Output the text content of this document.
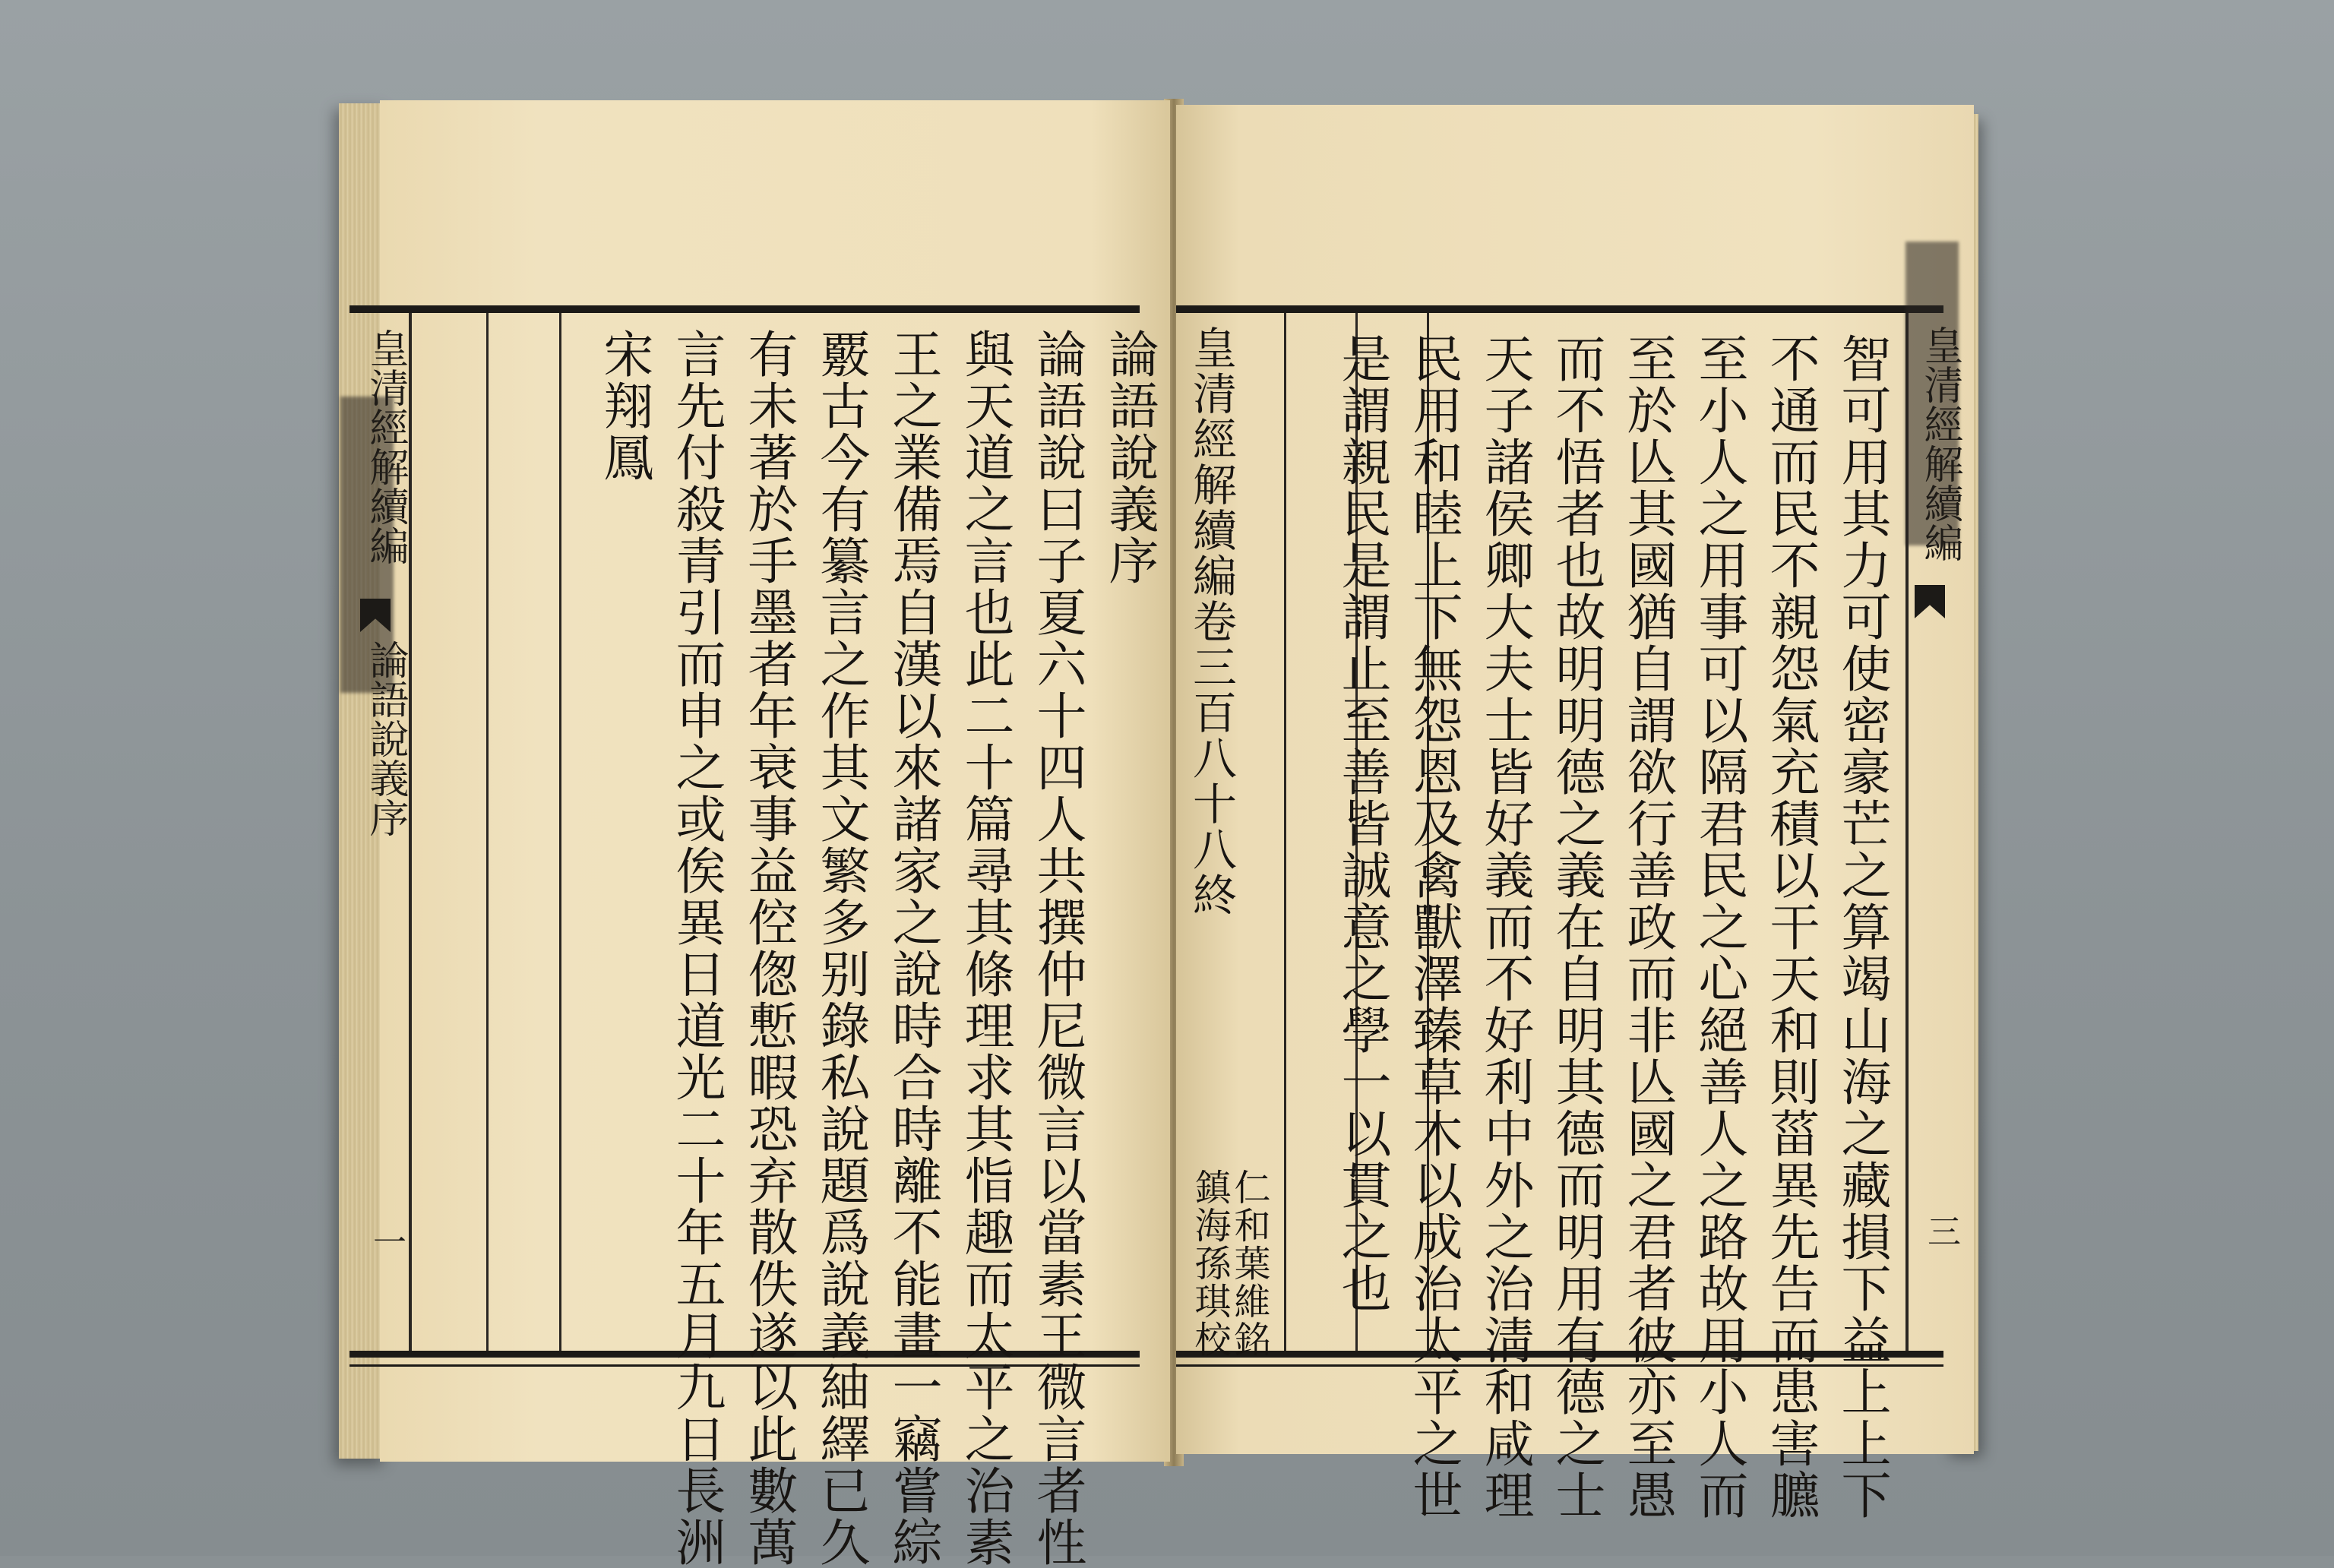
皇清經解續編
論語說義序
一
論語說義序
論語說曰子夏六十四人共撰仲尼微言以當素王微言者性
與天道之言也此二十篇尋其條理求其恉趣而太平之治素
王之業備焉自漢以來諸家之說時合時離不能畫一竊嘗綜
覈古今有纂言之作其文繁多别錄私說題爲說義紬繹已久
有未著於手墨者年衰事益倥偬慙暇恐弃散佚遂以此數萬
言先付殺青引而申之或俟異日道光二十年五月九日長洲
宋翔鳳	皇清經解續編
三
智可用其力可使密豪芒之算竭山海之藏損下益上上下
不通而民不親怨氣充積以干天和則菑異先告而患害臕
至小人之用事可以隔君民之心絕善人之路故用小人而
至於亾其國猶自謂欲行善政而非亾國之君者彼亦至愚
而不悟者也故明明德之義在自明其德而明用有德之士
天子諸侯卿大夫士皆好義而不好利中外之治淸和咸理
民用和睦上下無怨恩及禽獸澤臻草木以成治太平之世
是謂親民是謂止至善皆誠意之學一以貫之也
皇清經解續編卷三百八十八終
仁和葉維銘
鎮海孫琪校
